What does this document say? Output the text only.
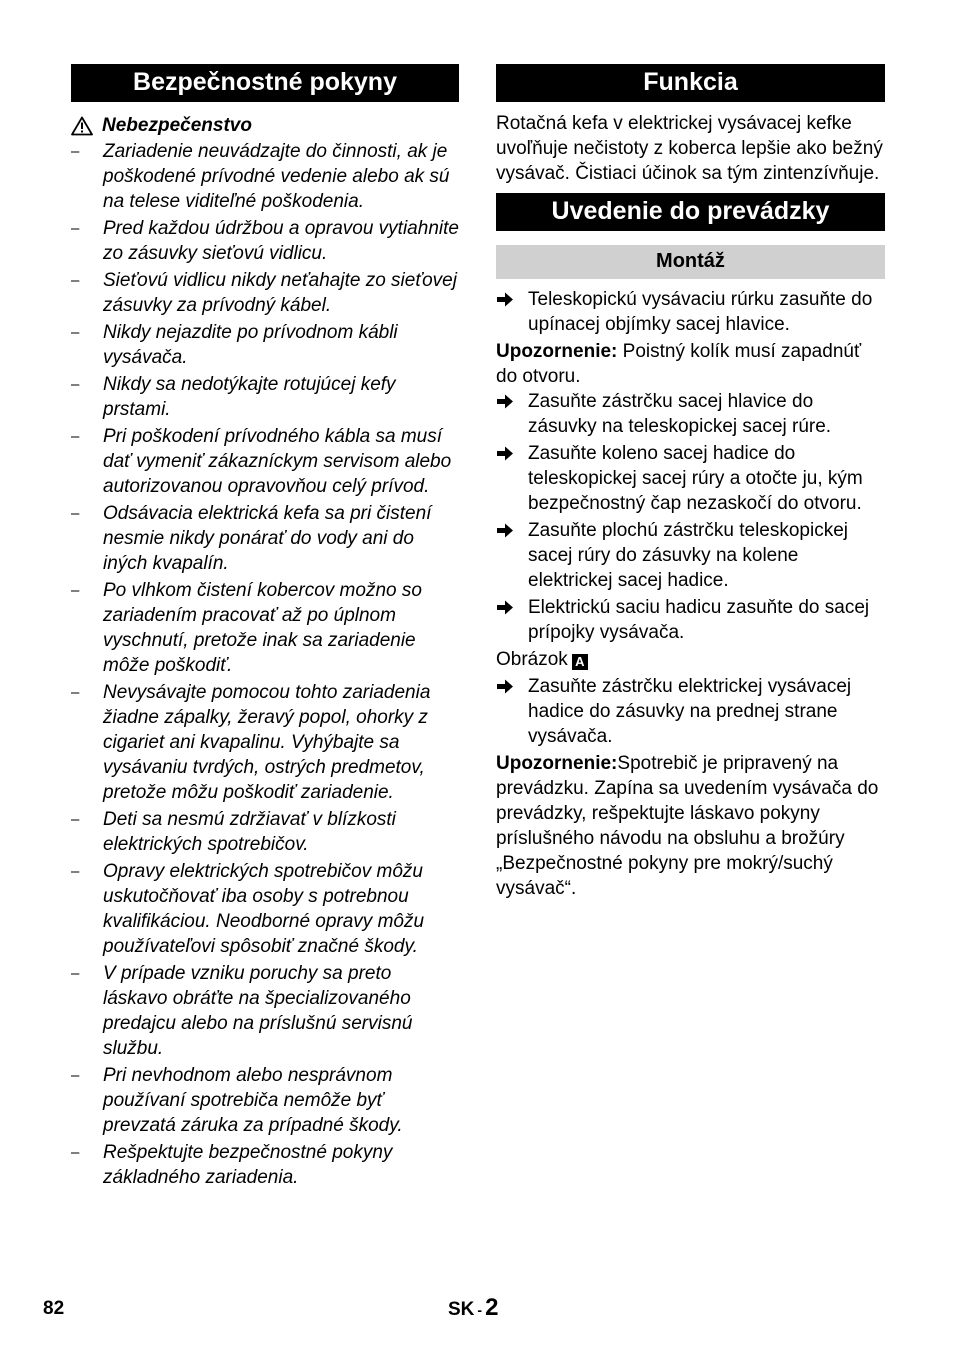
Bezpečnostné pokyny
Nebezpečenstvo
– Zariadenie neuvádzajte do činnosti, ak je poškodené prívodné vedenie alebo ak sú na telese viditeľné poškodenia.
– Pred každou údržbou a opravou vytiahnite zo zásuvky sieťovú vidlicu.
– Sieťovú vidlicu nikdy neťahajte zo sieťovej zásuvky za prívodný kábel.
– Nikdy nejazdite po prívodnom kábli vysávača.
– Nikdy sa nedotýkajte rotujúcej kefy prstami.
– Pri poškodení prívodného kábla sa musí dať vymeniť zákazníckym servisom alebo autorizovanou opravovňou celý prívod.
– Odsávacia elektrická kefa sa pri čistení nesmie nikdy ponárať do vody ani do iných kvapalín.
– Po vlhkom čistení kobercov možno so zariadením pracovať až po úplnom vyschnutí, pretože inak sa zariadenie môže poškodiť.
– Nevysávajte pomocou tohto zariadenia žiadne zápalky, žeravý popol, ohorky z cigariet ani kvapalinu. Vyhýbajte sa vysávaniu tvrdých, ostrých predmetov, pretože môžu poškodiť zariadenie.
– Deti sa nesmú zdržiavať v blízkosti elektrických spotrebičov.
– Opravy elektrických spotrebičov môžu uskutočňovať iba osoby s potrebnou kvalifikáciou. Neodborné opravy môžu používateľovi spôsobiť značné škody.
– V prípade vzniku poruchy sa preto láskavo obráťte na špecializovaného predajcu alebo na príslušnú servisnú službu.
– Pri nevhodnom alebo nesprávnom používaní spotrebiča nemôže byť prevzatá záruka za prípadné škody.
– Rešpektujte bezpečnostné pokyny základného zariadenia.
Funkcia

Rotačná kefa v elektrickej vysávacej kefke uvoľňuje nečistoty z koberca lepšie ako bežný vysávač. Čistiaci účinok sa tým zintenzívňuje.

Uvedenie do prevádzky
Montáž
Teleskopickú vysávaciu rúrku zasuňte do upínacej objímky sacej hlavice.

Upozornenie: Poistný kolík musí zapadnúť do otvoru.

Zasuňte zástrčku sacej hlavice do zásuvky na teleskopickej sacej rúre.
Zasuňte koleno sacej hadice do teleskopickej sacej rúry a otočte ju, kým bezpečnostný čap nezaskočí do otvoru.
Zasuňte plochú zástrčku teleskopickej sacej rúry do zásuvky na kolene elektrickej sacej hadice.
Elektrickú saciu hadicu zasuňte do sacej prípojky vysávača.
Obrázok A
Zasuňte zástrčku elektrickej vysávacej hadice do zásuvky na prednej strane vysávača.

Upozornenie:Spotrebič je pripravený na prevádzku. Zapína sa uvedením vysávača do prevádzky, rešpektujte láskavo pokyny príslušného návodu na obsluhu a brožúry „Bezpečnostné pokyny pre mokrý/suchý vysávač“.

82	SK - 2
